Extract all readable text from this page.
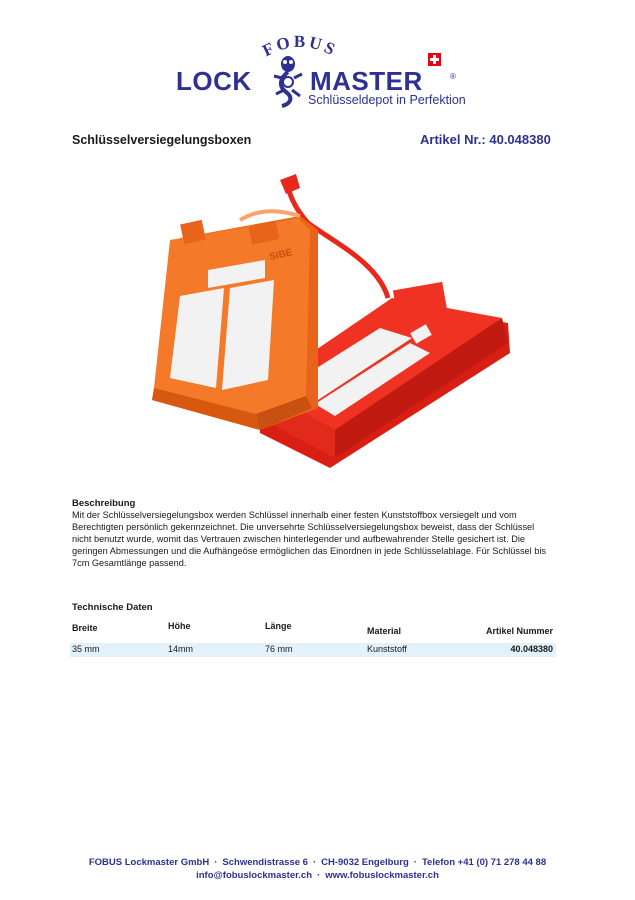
FOBUS
LOCK MASTER	®
Schlüsseldepot in Perfektion
Schlüsselversiegelungsboxen	Artikel Nr.: 40.048380
SIBE
Beschreibung
Mit der Schlüsselversiegelungsbox werden Schlüssel innerhalb einer festen Kunststoffbox versiegelt und vom Berechtigten persönlich gekennzeichnet. Die unversehrte Schlüsselversiegelungsbox beweist, dass der Schlüssel nicht benutzt wurde, womit das Vertrauen zwischen hinterlegender und aufbewahrender Stelle gesichert ist. Die geringen Abmessungen und die Aufhängeöse ermöglichen das Einordnen in jede Schlüsselablage. Für Schlüssel bis 7cm Gesamtlänge passend.
Technische Daten
Breite	Höhe	Länge	Material	Artikel Nummer
35 mm	14mm	76 mm	Kunststoff	40.048380
FOBUS Lockmaster GmbH · Schwendistrasse 6 · CH-9032 Engelburg · Telefon +41 (0) 71 278 44 88
info@fobuslockmaster.ch · www.fobuslockmaster.ch
